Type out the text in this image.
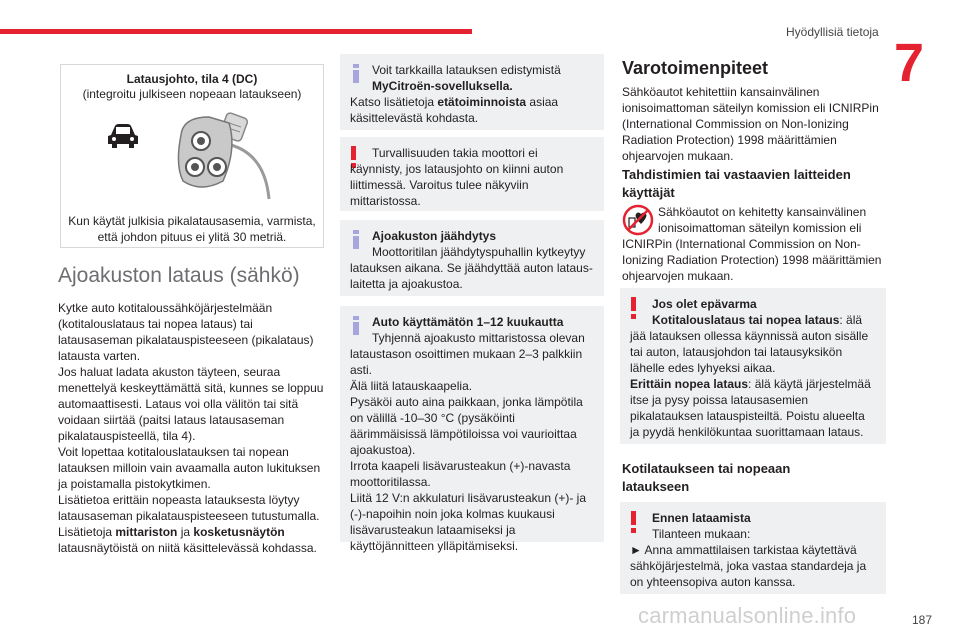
Hyödyllisiä tietoja
7
Latausjohto, tila 4 (DC)
(integroitu julkiseen nopeaan lataukseen)
Kun käytät julkisia pikalatausasemia, varmista, että johdon pituus ei ylitä 30 metriä.
Ajoakuston lataus (sähkö)
Kytke auto kotitaloussähköjärjestelmään (kotitalouslataus tai nopea lataus) tai latausaseman pikalatauspisteeseen (pikalataus) latausta varten.
Jos haluat ladata akuston täyteen, seuraa menettelyä keskeyttämättä sitä, kunnes se loppuu automaattisesti. Lataus voi olla välitön tai sitä voidaan siirtää (paitsi lataus latausaseman pikalatauspisteellä, tila 4).
Voit lopettaa kotitalouslatauksen tai nopean latauksen milloin vain avaamalla auton lukituksen ja poistamalla pistokytkimen.
Lisätietoa erittäin nopeasta latauksesta löytyy latausaseman pikalatauspisteeseen tutustumalla.
Lisätietoja mittariston ja kosketusnäytön latausnäytöistä on niitä käsittelevässä kohdassa.
Voit tarkkailla latauksen edistymistä
MyCitroën-sovelluksella.
Katso lisätietoja etätoiminnoista asiaa käsittelevästä kohdasta.
Turvallisuuden takia moottori ei
käynnisty, jos latausjohto on kiinni auton liittimessä. Varoitus tulee näkyviin mittaristossa.
Ajoakuston jäähdytys
Moottoritilan jäähdytyspuhallin kytkeytyy
latauksen aikana. Se jäähdyttää auton latauslaitetta ja ajoakustoa.
Auto käyttämätön 1–12 kuukautta
Tyhjennä ajoakusto mittaristossa olevan
lataustason osoittimen mukaan 2–3 palkkiin asti.
Älä liitä latauskaapelia.
Pysäköi auto aina paikkaan, jonka lämpötila on välillä -10–30 °C (pysäköinti äärimmäisissä lämpötiloissa voi vaurioittaa ajoakustoa).
Irrota kaapeli lisävarusteakun (+)-navasta moottoritilassa.
Liitä 12 V:n akkulaturi lisävarusteakun (+)- ja (-)-napoihin noin joka kolmas kuukausi lisävarusteakun lataamiseksi ja käyttöjännitteen ylläpitämiseksi.
Varotoimenpiteet
Sähköautot kehitettiin kansainvälinen ionisoimattoman säteilyn komission eli ICNIRPin (International Commission on Non-Ionizing Radiation Protection) 1998 määrittämien ohjearvojen mukaan.
Tahdistimien tai vastaavien laitteiden käyttäjät
Sähköautot on kehitetty kansainvälinen
ionisoimattoman säteilyn komission eli
ICNIRPin (International Commission on Non-Ionizing Radiation Protection) 1998 määrittämien ohjearvojen mukaan.
Jos olet epävarma
Kotitalouslataus tai nopea lataus: älä
jää latauksen ollessa käynnissä auton sisälle tai auton, latausjohdon tai latausyksikön lähelle edes lyhyeksi aikaa.
Erittäin nopea lataus: älä käytä järjestelmää itse ja pysy poissa latausasemien pikalatauksen latauspisteiltä. Poistu alueelta ja pyydä henkilökuntaa suorittamaan lataus.
Kotilataukseen tai nopeaan lataukseen
Ennen lataamista
Tilanteen mukaan:
► Anna ammattilaisen tarkistaa käytettävä sähköjärjestelmä, joka vastaa standardeja ja on yhteensopiva auton kanssa.
carmanualsonline.info	187
